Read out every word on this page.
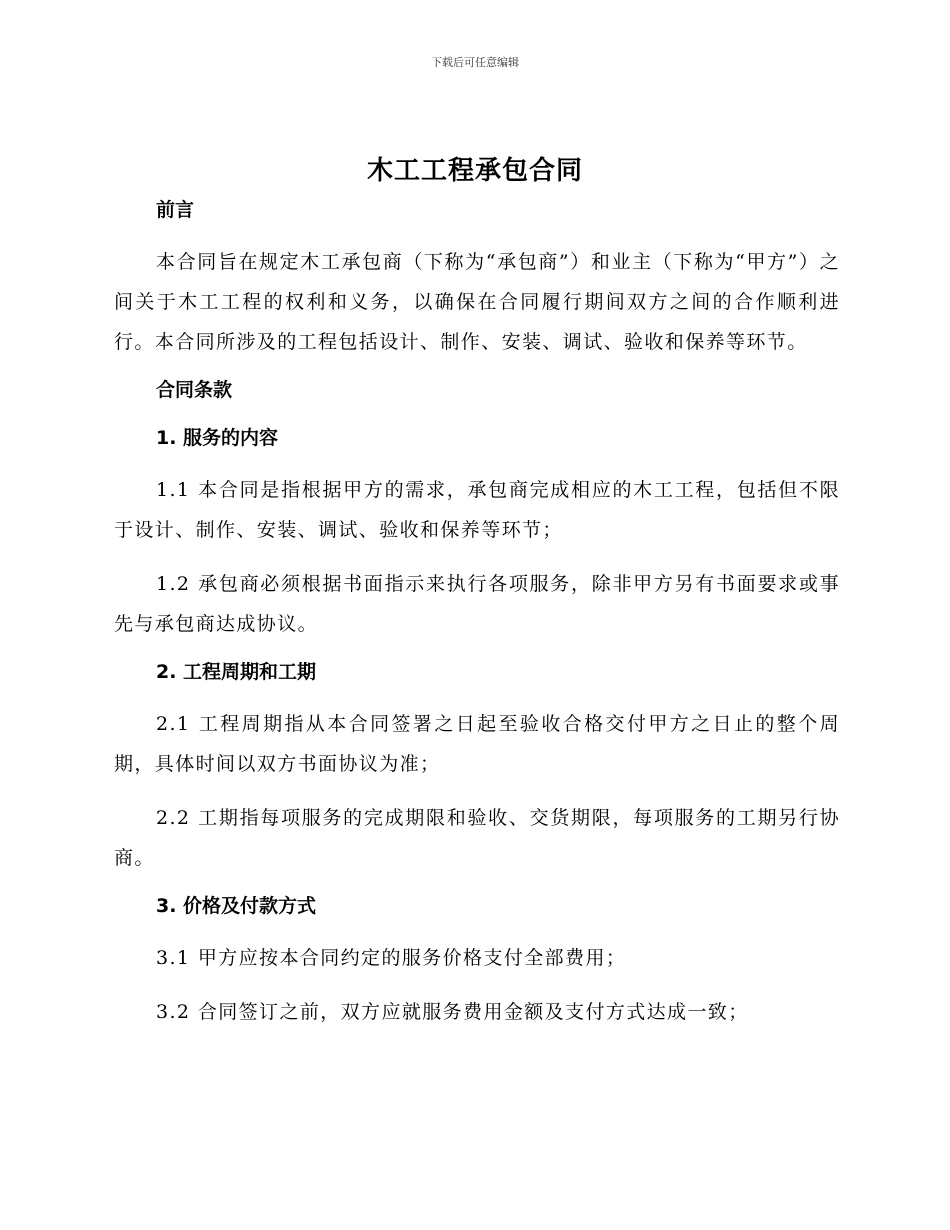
下载后可任意编辑
木工工程承包合同

前言

本合同旨在规定木工承包商（下称为“承包商”）和业主（下称为“甲方”）之间关于木工工程的权利和义务，以确保在合同履行期间双方之间的合作顺利进行。本合同所涉及的工程包括设计、制作、安装、调试、验收和保养等环节。

合同条款

1. 服务的内容

1.1 本合同是指根据甲方的需求，承包商完成相应的木工工程，包括但不限于设计、制作、安装、调试、验收和保养等环节；

1.2 承包商必须根据书面指示来执行各项服务，除非甲方另有书面要求或事先与承包商达成协议。

2. 工程周期和工期

2.1 工程周期指从本合同签署之日起至验收合格交付甲方之日止的整个周期，具体时间以双方书面协议为准；

2.2 工期指每项服务的完成期限和验收、交货期限，每项服务的工期另行协商。

3. 价格及付款方式

3.1 甲方应按本合同约定的服务价格支付全部费用；

3.2 合同签订之前，双方应就服务费用金额及支付方式达成一致；
